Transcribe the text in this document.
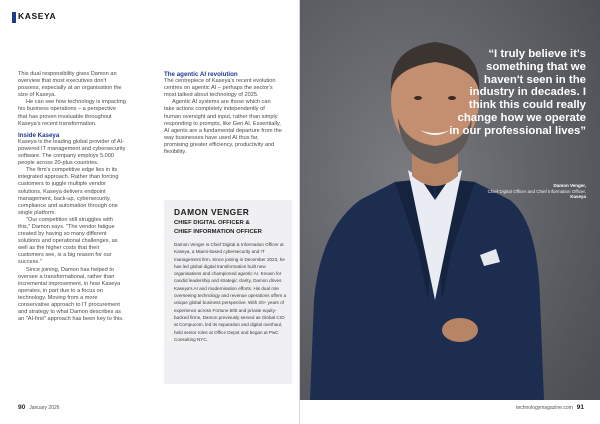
KASEYA

This dual responsibility gives Damon an overview that most executives don't possess, especially at an organisation the size of Kaseya.

He can see how technology is impacting his business operations – a perspective that has proven invaluable throughout Kaseya's recent transformation.

Inside Kaseya

Kaseya is the leading global provider of AI-powered IT management and cybersecurity software. The company employs 5,000 people across 20-plus countries.

The firm's competitive edge lies in its integrated approach. Rather than forcing customers to juggle multiple vendor solutions, Kaseya delivers endpoint management, back-up, cybersecurity, compliance and automation through one single platform.

"Our competition still struggles with this," Damon says. "The vendor fatigue created by having so many different solutions and operational challenges, as well as the higher costs that their customers see, is a big reason for our success."

Since joining, Damon has helped to oversee a transformational, rather than incremental improvement, in how Kaseya operates, in part due to a focus on technology. Moving from a more conservative approach to IT procurement and strategy to what Damon describes as an "AI-first" approach has been key to this.

The agentic AI revolution

The centrepiece of Kaseya's recent evolution centres on agentic AI – perhaps the sector's most talked about technology of 2025.

Agentic AI systems are those which can take actions completely independently of human oversight and input, rather than simply responding to prompts, like Gen AI. Essentially, AI agents are a fundamental departure from the way businesses have used AI thus far, promising greater efficiency, productivity and flexibility.

DAMON VENGER
CHIEF DIGITAL OFFICER &
CHIEF INFORMATION OFFICER
Damon Venger is Chief Digital & Information Officer at Kaseya, a Miami-based cybersecurity and IT management firm. Since joining in December 2023, he has led global digital transformation built new organisations and championed agentic AI. Known for candid leadership and strategic clarity, Damon drives Kaseya's AI and modernisation efforts. His dual role overseeing technology and revenue operations offers a unique global business perspective. With 20+ years of experience across Fortune 500 and private equity-backed firms, Damon previously served as Global CIO at Compucom, led its separation and digital overhaul, held senior roles at Office Depot and began at PwC Consulting NYC.
90 January 2026
“I truly believe it's something that we haven't seen in the industry in decades. I think this could really change how we operate in our professional lives”
Damon Venger,
Chief Digital Officer and Chief Information Officer,
Kaseya
technologymagazine.com 91
